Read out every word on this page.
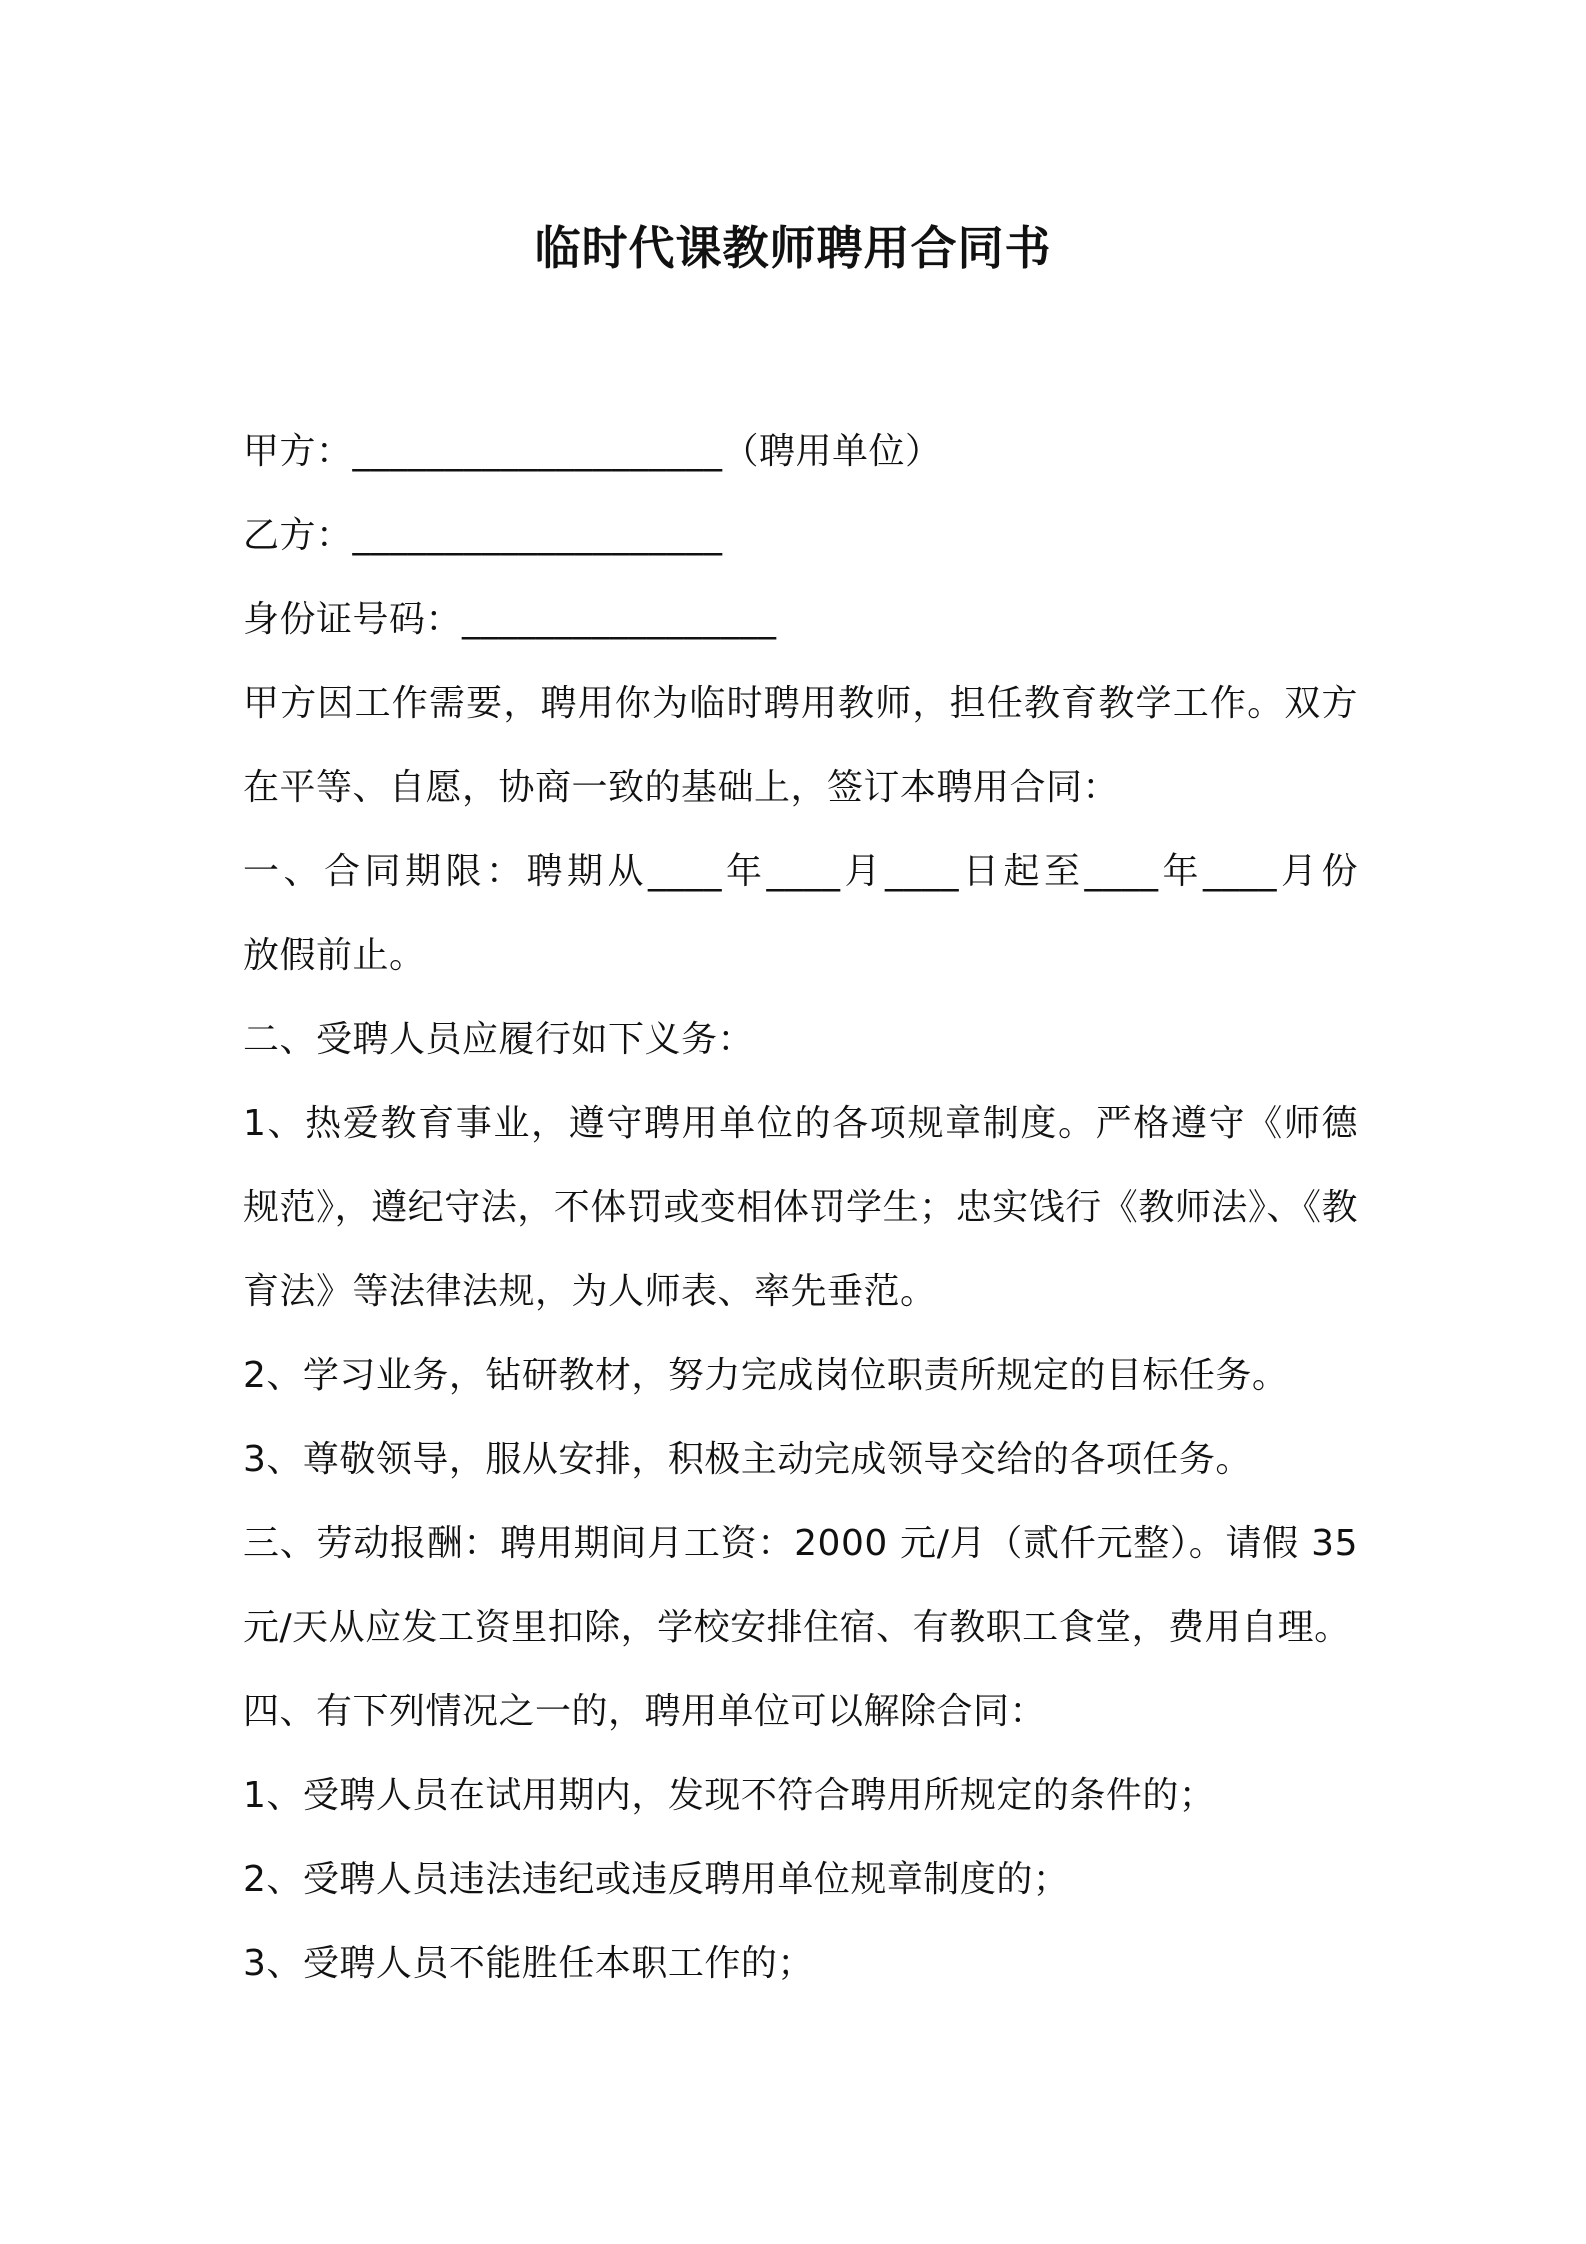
临时代课教师聘用合同书
甲方：____________________（聘用单位）
乙方：____________________
身份证号码：_________________
甲方因工作需要，聘用你为临时聘用教师，担任教育教学工作。双方
在平等、自愿，协商一致的基础上，签订本聘用合同：
一、合同期限：聘期从____年____月____日起至____年____月份
放假前止。
二、受聘人员应履行如下义务：
1、热爱教育事业，遵守聘用单位的各项规章制度。严格遵守《师德
规范》，遵纪守法，不体罚或变相体罚学生；忠实饯行《教师法》、《教
育法》等法律法规，为人师表、率先垂范。
2、学习业务，钻研教材，努力完成岗位职责所规定的目标任务。
3、尊敬领导，服从安排，积极主动完成领导交给的各项任务。
三、劳动报酬：聘用期间月工资：2000 元/月（贰仟元整）。请假 35
元/天从应发工资里扣除，学校安排住宿、有教职工食堂，费用自理。
四、有下列情况之一的，聘用单位可以解除合同：
1、受聘人员在试用期内，发现不符合聘用所规定的条件的；
2、受聘人员违法违纪或违反聘用单位规章制度的；
3、受聘人员不能胜任本职工作的；
